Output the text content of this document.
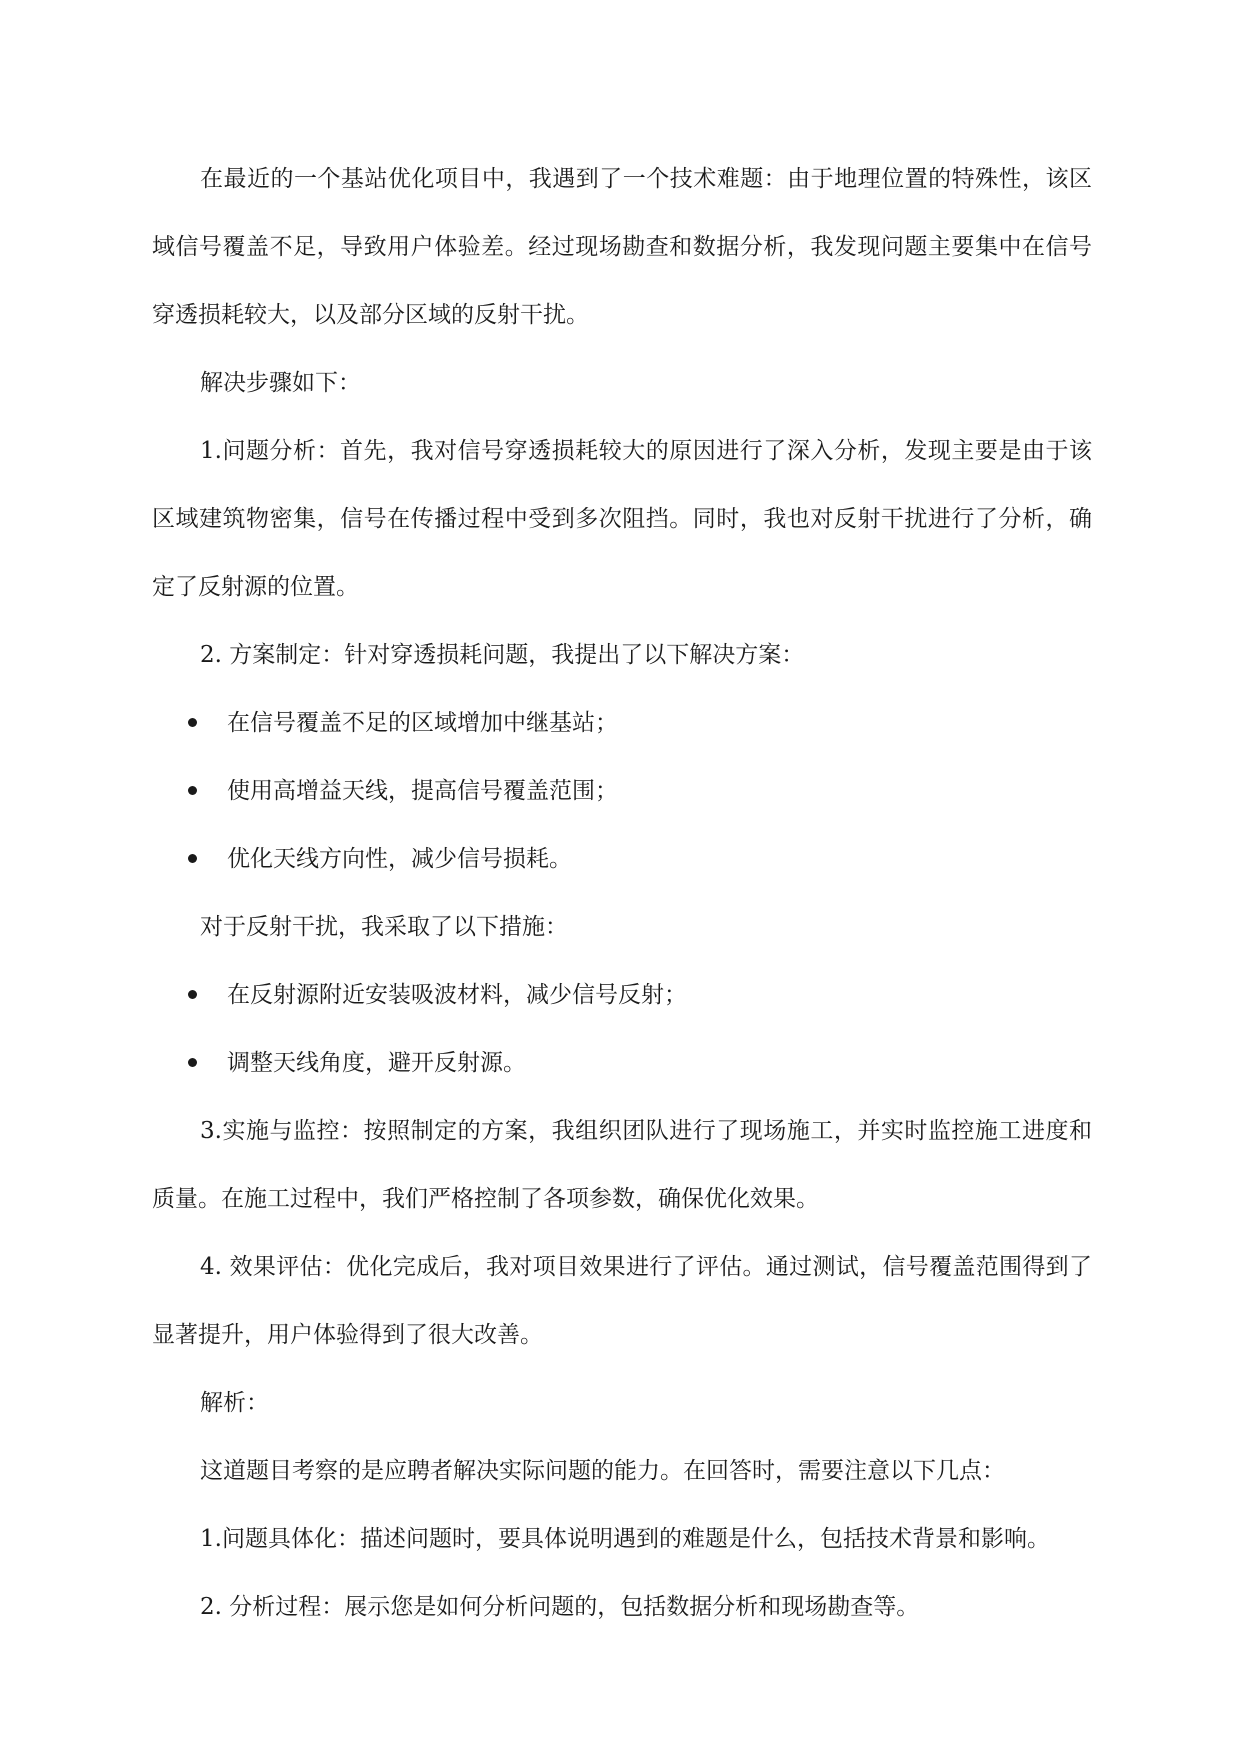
在最近的一个基站优化项目中，我遇到了一个技术难题：由于地理位置的特殊性，该区域信号覆盖不足，导致用户体验差。经过现场勘查和数据分析，我发现问题主要集中在信号穿透损耗较大，以及部分区域的反射干扰。

解决步骤如下：

1.问题分析：首先，我对信号穿透损耗较大的原因进行了深入分析，发现主要是由于该区域建筑物密集，信号在传播过程中受到多次阻挡。同时，我也对反射干扰进行了分析，确定了反射源的位置。

2. 方案制定：针对穿透损耗问题，我提出了以下解决方案：

在信号覆盖不足的区域增加中继基站；
使用高增益天线，提高信号覆盖范围；
优化天线方向性，减少信号损耗。

对于反射干扰，我采取了以下措施：

在反射源附近安装吸波材料，减少信号反射；
调整天线角度，避开反射源。

3.实施与监控：按照制定的方案，我组织团队进行了现场施工，并实时监控施工进度和质量。在施工过程中，我们严格控制了各项参数，确保优化效果。

4. 效果评估：优化完成后，我对项目效果进行了评估。通过测试，信号覆盖范围得到了显著提升，用户体验得到了很大改善。

解析：

这道题目考察的是应聘者解决实际问题的能力。在回答时，需要注意以下几点：

1.问题具体化：描述问题时，要具体说明遇到的难题是什么，包括技术背景和影响。

2. 分析过程：展示您是如何分析问题的，包括数据分析和现场勘查等。
